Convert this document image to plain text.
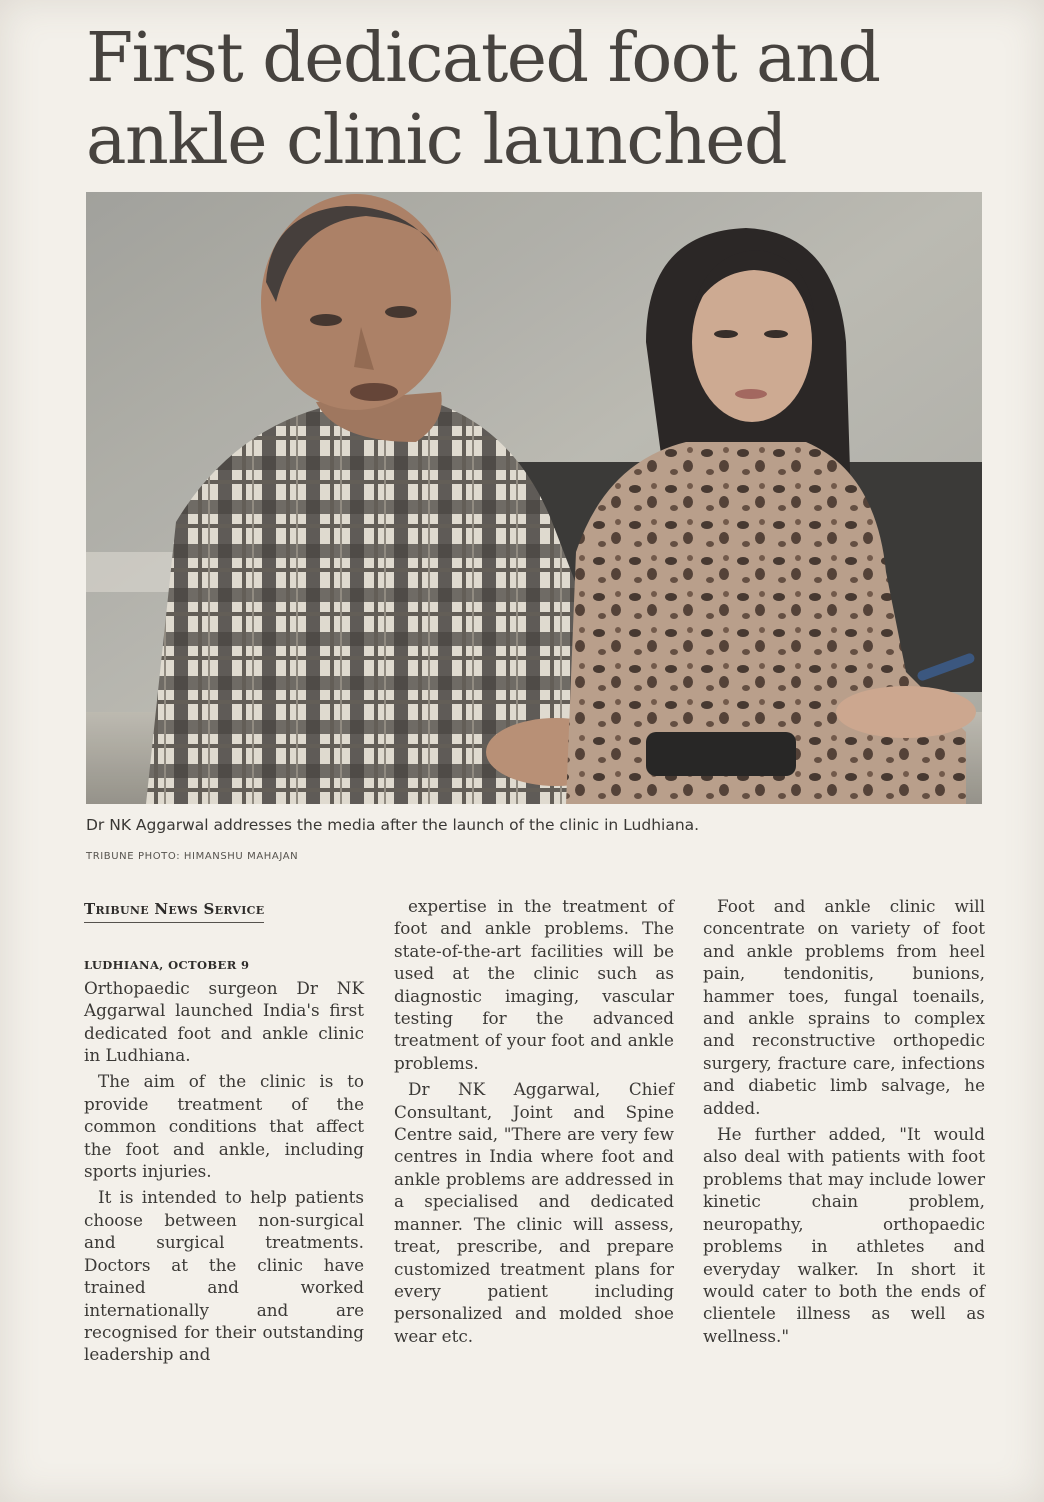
First dedicated foot and ankle clinic launched

Dr NK Aggarwal addresses the media after the launch of the clinic in Ludhiana.

TRIBUNE PHOTO: HIMANSHU MAHAJAN

Tribune News Service
LUDHIANA, OCTOBER 9

Orthopaedic surgeon Dr NK Aggarwal launched India's first dedicated foot and ankle clinic in Ludhiana.

The aim of the clinic is to provide treatment of the common conditions that affect the foot and ankle, including sports injuries.

It is intended to help patients choose between non-surgical and surgical treatments. Doctors at the clinic have trained and worked internationally and are recognised for their outstanding leadership and

expertise in the treatment of foot and ankle problems. The state-of-the-art facilities will be used at the clinic such as diagnostic imaging, vascular testing for the advanced treatment of your foot and ankle problems.

Dr NK Aggarwal, Chief Consultant, Joint and Spine Centre said, "There are very few centres in India where foot and ankle problems are addressed in a specialised and dedicated manner. The clinic will assess, treat, prescribe, and prepare customized treatment plans for every patient including personalized and molded shoe wear etc.

Foot and ankle clinic will concentrate on variety of foot and ankle problems from heel pain, tendonitis, bunions, hammer toes, fungal toenails, and ankle sprains to complex and reconstructive orthopedic surgery, fracture care, infections and diabetic limb salvage, he added.

He further added, "It would also deal with patients with foot problems that may include lower kinetic chain problem, neuropathy, orthopaedic problems in athletes and everyday walker. In short it would cater to both the ends of clientele illness as well as wellness."
